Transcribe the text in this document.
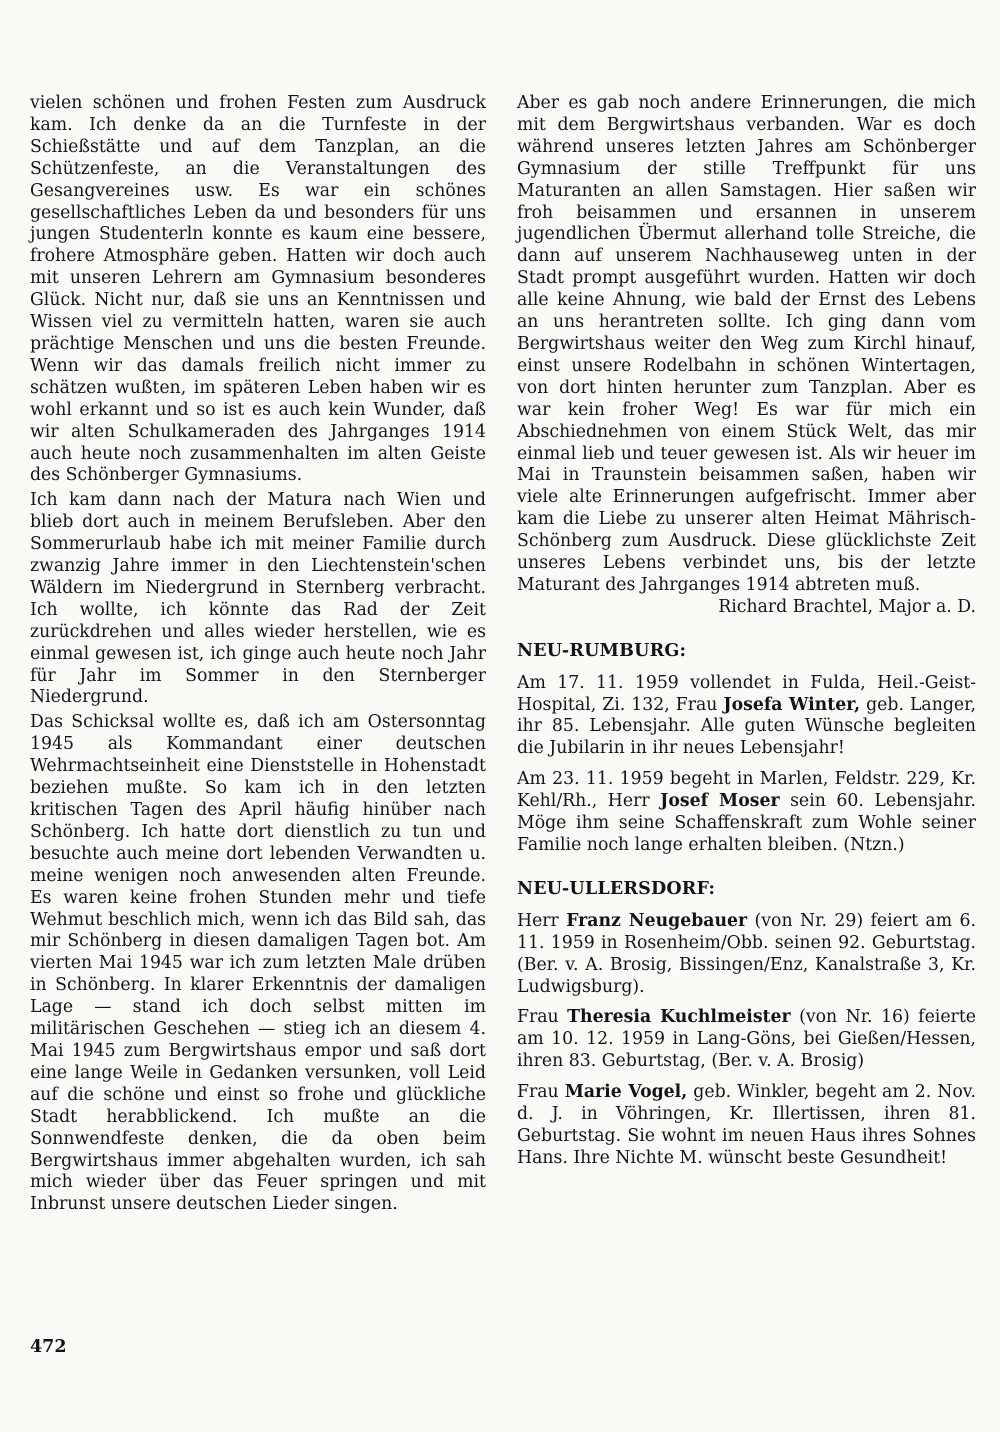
vielen schönen und frohen Festen zum Ausdruck kam. Ich denke da an die Turnfeste in der Schießstätte und auf dem Tanzplan, an die Schützenfeste, an die Veranstaltungen des Gesangvereines usw. Es war ein schönes gesellschaftliches Leben da und besonders für uns jungen Studenterln konnte es kaum eine bessere, frohere Atmosphäre geben. Hatten wir doch auch mit unseren Lehrern am Gymnasium besonderes Glück. Nicht nur, daß sie uns an Kenntnissen und Wissen viel zu vermitteln hatten, waren sie auch prächtige Menschen und uns die besten Freunde. Wenn wir das damals freilich nicht immer zu schätzen wußten, im späteren Leben haben wir es wohl erkannt und so ist es auch kein Wunder, daß wir alten Schulkameraden des Jahrganges 1914 auch heute noch zusammenhalten im alten Geiste des Schönberger Gymnasiums.

Ich kam dann nach der Matura nach Wien und blieb dort auch in meinem Berufsleben. Aber den Sommerurlaub habe ich mit meiner Familie durch zwanzig Jahre immer in den Liechtenstein'schen Wäldern im Niedergrund in Sternberg verbracht. Ich wollte, ich könnte das Rad der Zeit zurückdrehen und alles wieder herstellen, wie es einmal gewesen ist, ich ginge auch heute noch Jahr für Jahr im Sommer in den Sternberger Niedergrund.

Das Schicksal wollte es, daß ich am Ostersonntag 1945 als Kommandant einer deutschen Wehrmachtseinheit eine Dienststelle in Hohenstadt beziehen mußte. So kam ich in den letzten kritischen Tagen des April häufig hinüber nach Schönberg. Ich hatte dort dienstlich zu tun und besuchte auch meine dort lebenden Verwandten u. meine wenigen noch anwesenden alten Freunde. Es waren keine frohen Stunden mehr und tiefe Wehmut beschlich mich, wenn ich das Bild sah, das mir Schönberg in diesen damaligen Tagen bot. Am vierten Mai 1945 war ich zum letzten Male drüben in Schönberg. In klarer Erkenntnis der damaligen Lage — stand ich doch selbst mitten im militärischen Geschehen — stieg ich an diesem 4. Mai 1945 zum Bergwirtshaus empor und saß dort eine lange Weile in Gedanken versunken, voll Leid auf die schöne und einst so frohe und glückliche Stadt herabblickend. Ich mußte an die Sonnwendfeste denken, die da oben beim Bergwirtshaus immer abgehalten wurden, ich sah mich wieder über das Feuer springen und mit Inbrunst unsere deutschen Lieder singen.

Aber es gab noch andere Erinnerungen, die mich mit dem Bergwirtshaus verbanden. War es doch während unseres letzten Jahres am Schönberger Gymnasium der stille Treffpunkt für uns Maturanten an allen Samstagen. Hier saßen wir froh beisammen und ersannen in unserem jugendlichen Übermut allerhand tolle Streiche, die dann auf unserem Nachhauseweg unten in der Stadt prompt ausgeführt wurden. Hatten wir doch alle keine Ahnung, wie bald der Ernst des Lebens an uns herantreten sollte. Ich ging dann vom Bergwirtshaus weiter den Weg zum Kirchl hinauf, einst unsere Rodelbahn in schönen Wintertagen, von dort hinten herunter zum Tanzplan. Aber es war kein froher Weg! Es war für mich ein Abschiednehmen von einem Stück Welt, das mir einmal lieb und teuer gewesen ist. Als wir heuer im Mai in Traunstein beisammen saßen, haben wir viele alte Erinnerungen aufgefrischt. Immer aber kam die Liebe zu unserer alten Heimat Mährisch-Schönberg zum Ausdruck. Diese glücklichste Zeit unseres Lebens verbindet uns, bis der letzte Maturant des Jahrganges 1914 abtreten muß.

Richard Brachtel, Major a. D.

NEU-RUMBURG:

Am 17. 11. 1959 vollendet in Fulda, Heil.-Geist-Hospital, Zi. 132, Frau Josefa Winter, geb. Langer, ihr 85. Lebensjahr. Alle guten Wünsche begleiten die Jubilarin in ihr neues Lebensjahr!

Am 23. 11. 1959 begeht in Marlen, Feldstr. 229, Kr. Kehl/Rh., Herr Josef Moser sein 60. Lebensjahr. Möge ihm seine Schaffenskraft zum Wohle seiner Familie noch lange erhalten bleiben. (Ntzn.)

NEU-ULLERSDORF:

Herr Franz Neugebauer (von Nr. 29) feiert am 6. 11. 1959 in Rosenheim/Obb. seinen 92. Geburtstag. (Ber. v. A. Brosig, Bissingen/Enz, Kanalstraße 3, Kr. Ludwigsburg).

Frau Theresia Kuchlmeister (von Nr. 16) feierte am 10. 12. 1959 in Lang-Göns, bei Gießen/Hessen, ihren 83. Geburtstag, (Ber. v. A. Brosig)

Frau Marie Vogel, geb. Winkler, begeht am 2. Nov. d. J. in Vöhringen, Kr. Illertissen, ihren 81. Geburtstag. Sie wohnt im neuen Haus ihres Sohnes Hans. Ihre Nichte M. wünscht beste Gesundheit!

472
